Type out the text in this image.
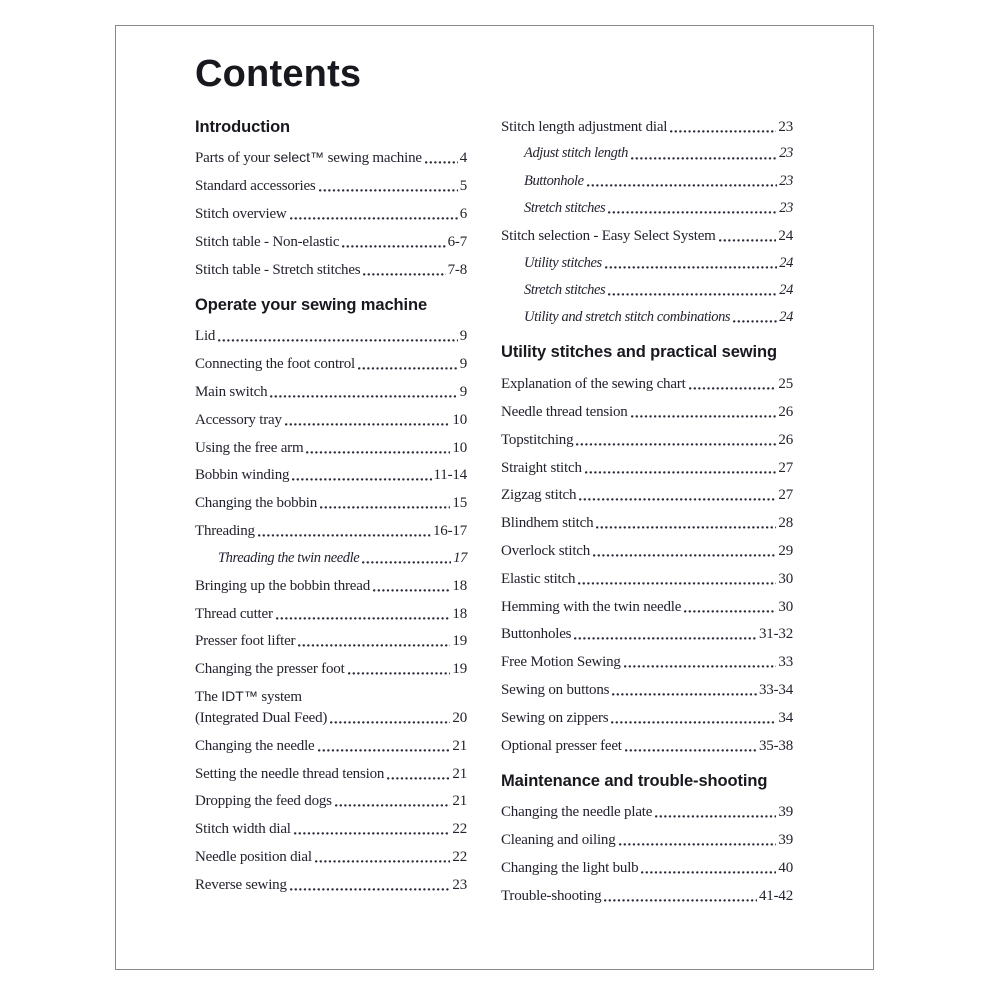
Contents
Introduction
Parts of your select™ sewing machine	4
Standard accessories	5
Stitch overview	6
Stitch table - Non-elastic	6-7
Stitch table - Stretch stitches	7-8
Operate your sewing machine
Lid	9
Connecting the foot control	9
Main switch	9
Accessory tray	10
Using the free arm	10
Bobbin winding	11-14
Changing the bobbin	15
Threading	16-17
Threading the twin needle	17
Bringing up the bobbin thread	18
Thread cutter	18
Presser foot lifter	19
Changing the presser foot	19
The IDT™ system
(Integrated Dual Feed)	20
Changing the needle	21
Setting the needle thread tension	21
Dropping the feed dogs	21
Stitch width dial	22
Needle position dial	22
Reverse sewing	23
Stitch length adjustment dial	23
Adjust stitch length	23
Buttonhole	23
Stretch stitches	23
Stitch selection - Easy Select System	24
Utility stitches	24
Stretch stitches	24
Utility and stretch stitch combinations	24
Utility stitches and practical sewing
Explanation of the sewing chart	25
Needle thread tension	26
Topstitching	26
Straight stitch	27
Zigzag stitch	27
Blindhem stitch	28
Overlock stitch	29
Elastic stitch	30
Hemming with the twin needle	30
Buttonholes	31-32
Free Motion Sewing	33
Sewing on buttons	33-34
Sewing on zippers	34
Optional presser feet	35-38
Maintenance and trouble-shooting
Changing the needle plate	39
Cleaning and oiling	39
Changing the light bulb	40
Trouble-shooting	41-42
